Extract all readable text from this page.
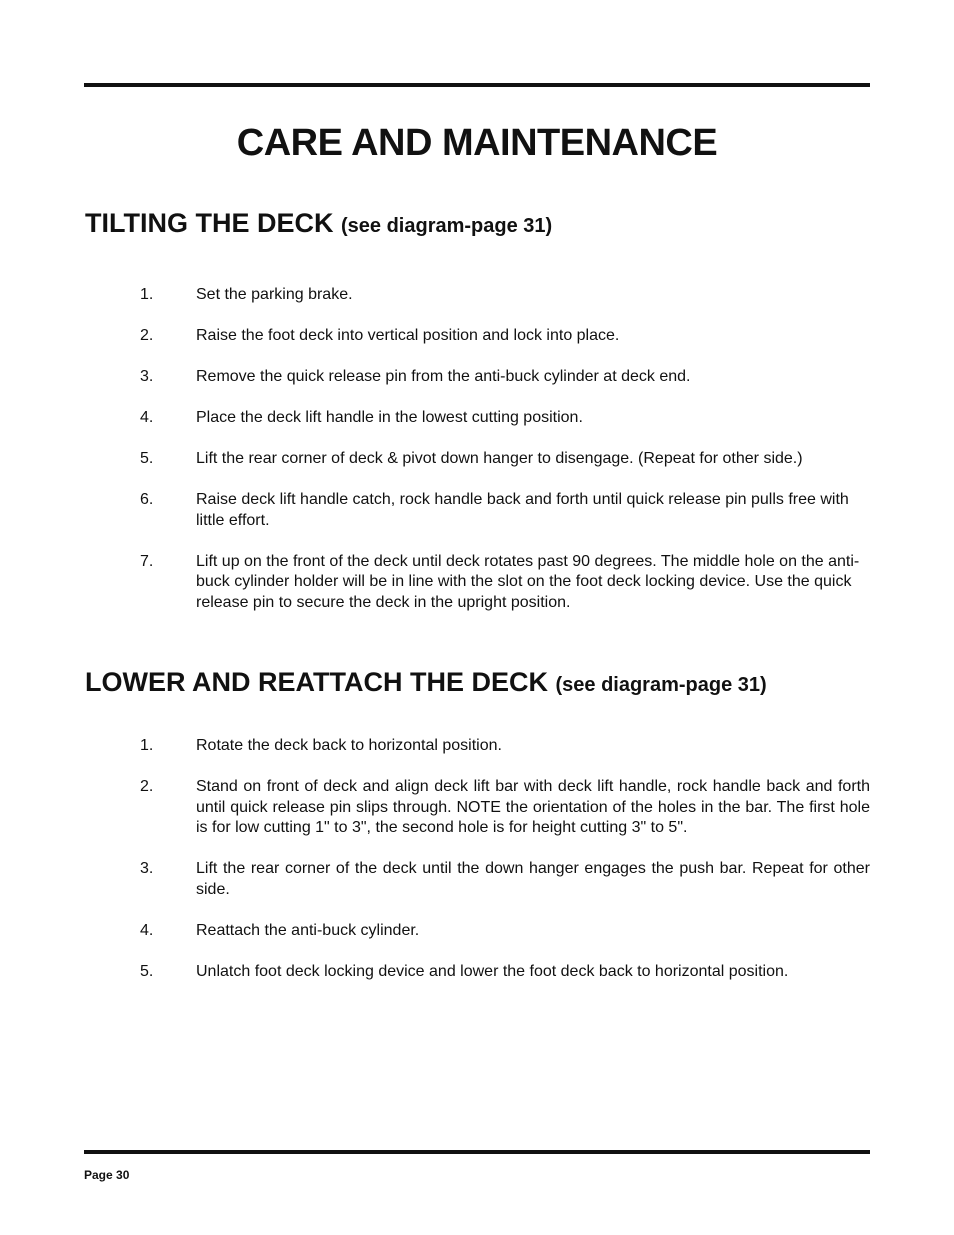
CARE AND MAINTENANCE
TILTING THE DECK (see diagram-page 31)
1.	Set the parking brake.
2.	Raise the foot deck into vertical position and lock into place.
3.	Remove the quick release pin from the anti-buck cylinder at deck end.
4.	Place the deck lift handle in the lowest cutting position.
5.	Lift the rear corner of deck & pivot down hanger to disengage. (Repeat for other side.)
6.	Raise deck lift handle catch, rock handle back and forth until quick release pin pulls free with little effort.
7.	Lift up on the front of the deck until deck rotates past 90 degrees. The middle hole on the anti-buck cylinder holder will be in line with the slot on the foot deck locking device. Use the quick release pin to secure the deck in the upright position.
LOWER AND REATTACH THE DECK (see diagram-page 31)
1.	Rotate the deck back to horizontal position.
2.	Stand on front of deck and align deck lift bar with deck lift handle, rock handle back and forth until quick release pin slips through. NOTE the orientation of the holes in the bar. The first hole is for low cutting 1" to 3", the second hole is for height cutting 3" to 5".
3.	Lift the rear corner of the deck until the down hanger engages the push bar. Repeat for other side.
4.	Reattach the anti-buck cylinder.
5.	Unlatch foot deck locking device and lower the foot deck back to horizontal position.
Page 30
